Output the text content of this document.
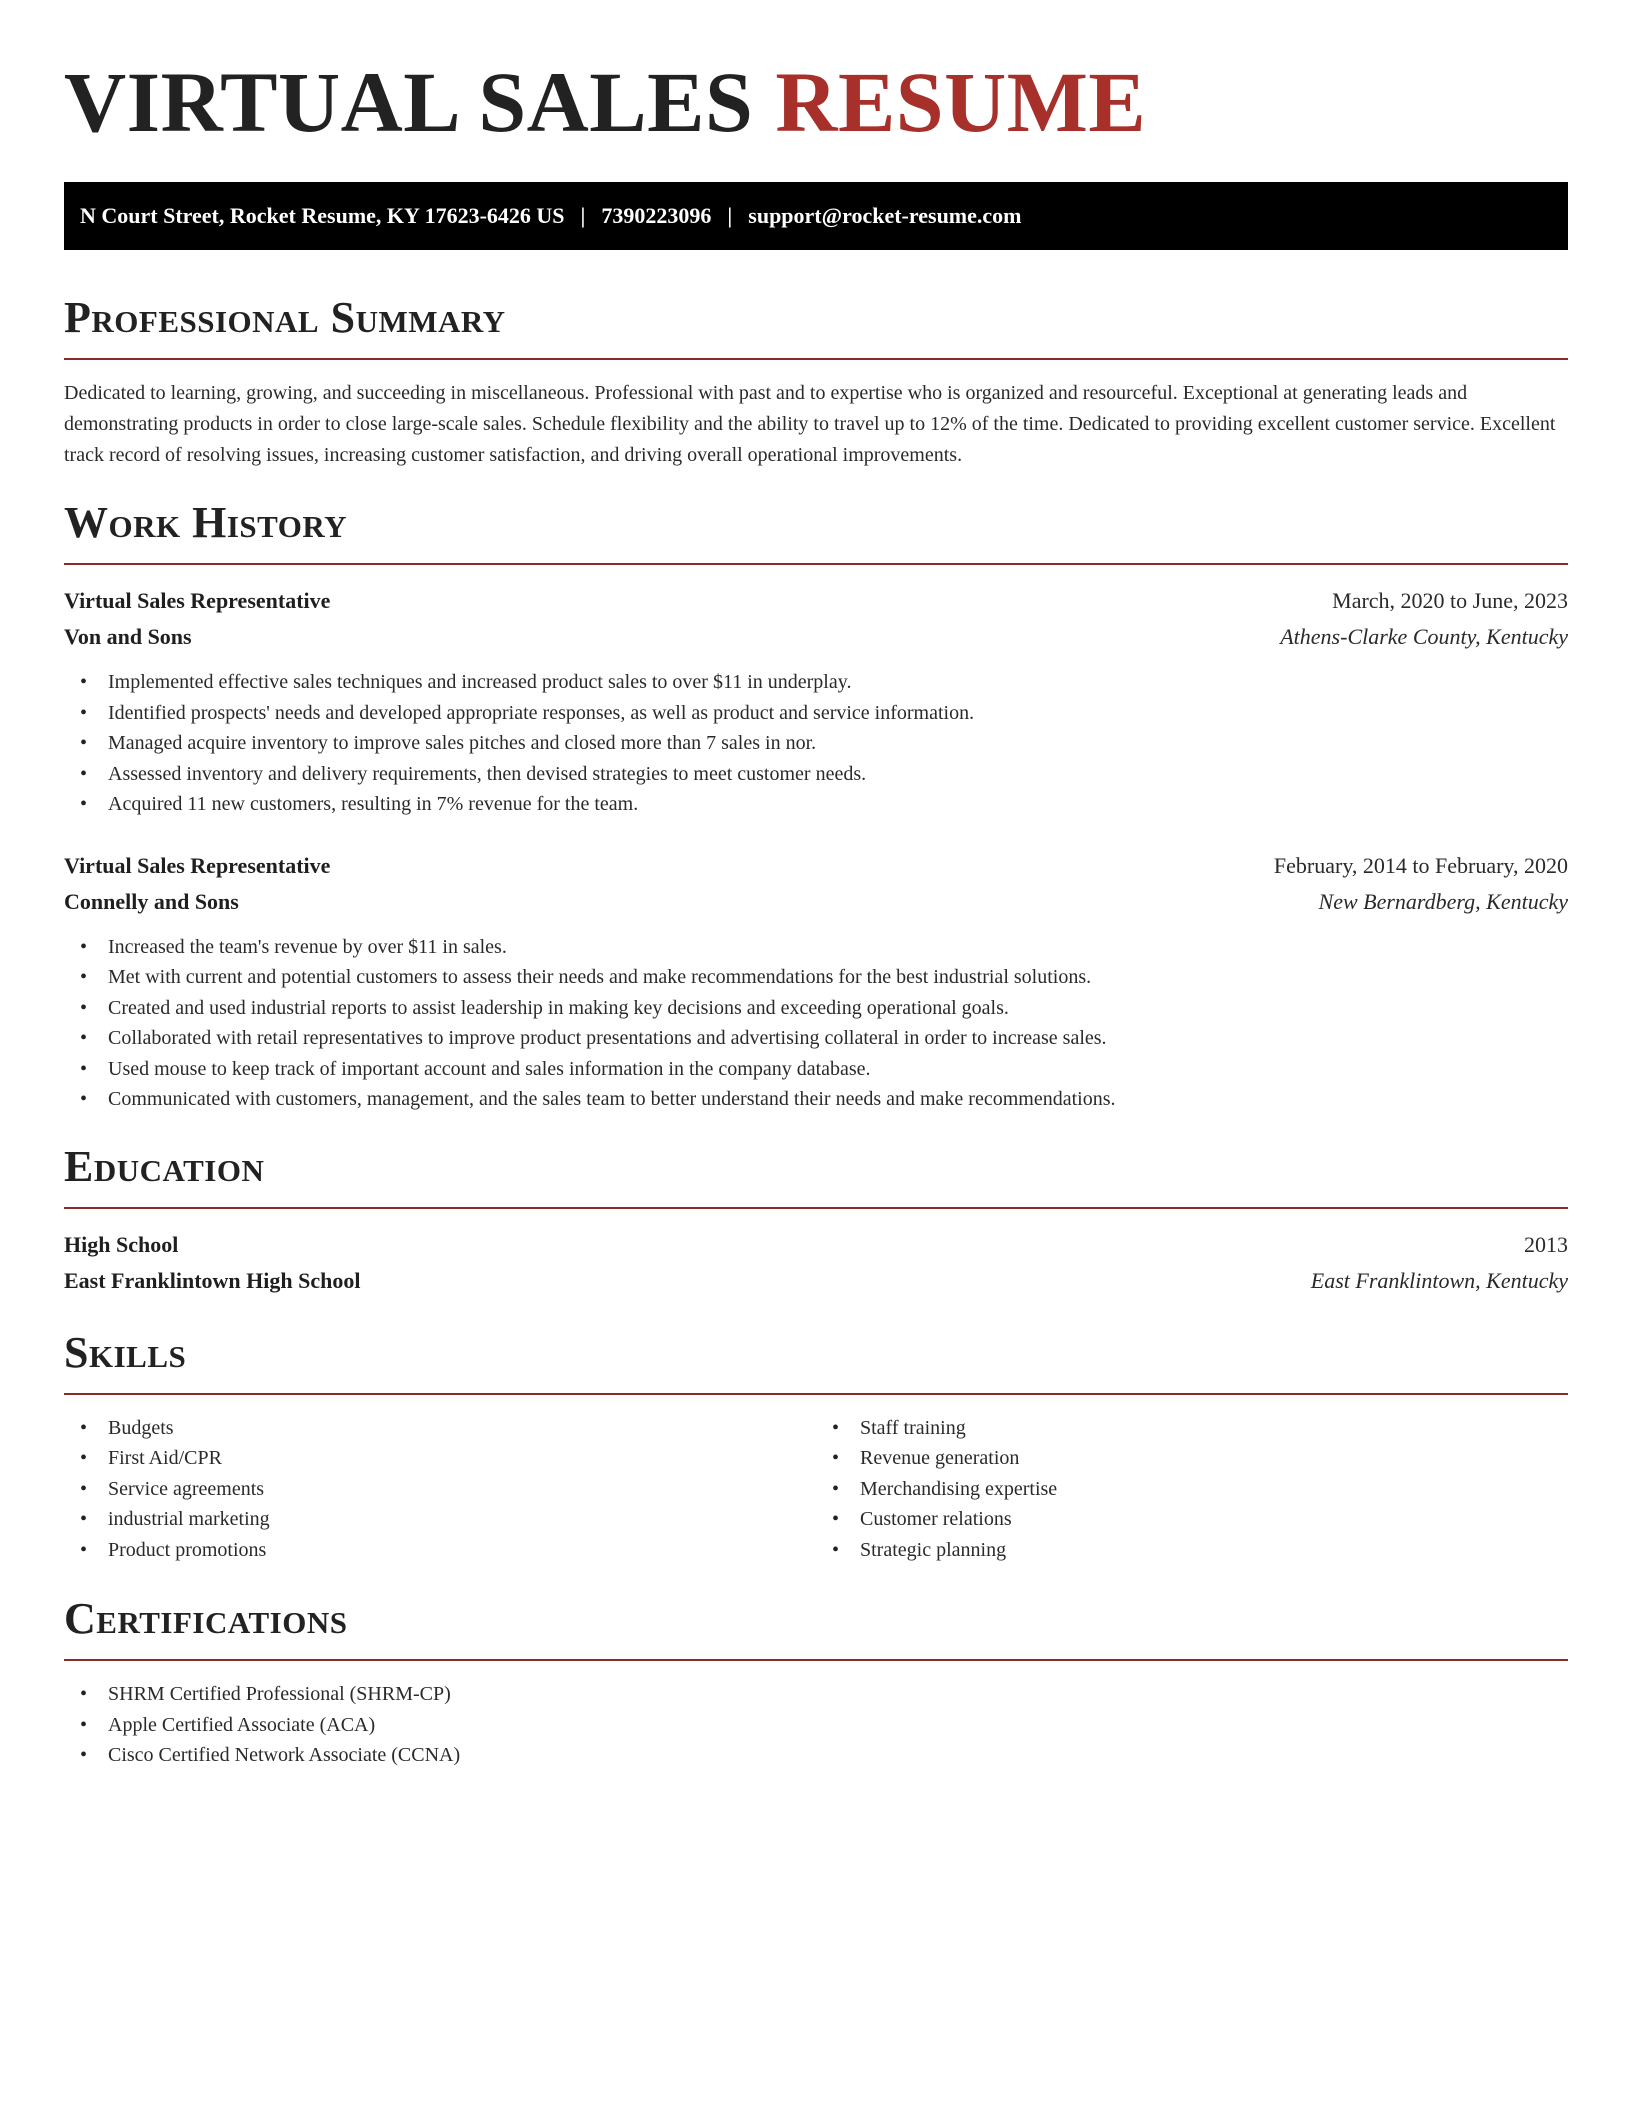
VIRTUAL SALES RESUME
N Court Street, Rocket Resume, KY 17623-6426 US | 7390223096 | support@rocket-resume.com
Professional Summary

Dedicated to learning, growing, and succeeding in miscellaneous. Professional with past and to expertise who is organized and resourceful. Exceptional at generating leads and demonstrating products in order to close large-scale sales. Schedule flexibility and the ability to travel up to 12% of the time. Dedicated to providing excellent customer service. Excellent track record of resolving issues, increasing customer satisfaction, and driving overall operational improvements.

Work History
Virtual Sales Representative	March, 2020 to June, 2023
Von and Sons	Athens-Clarke County, Kentucky
• Implemented effective sales techniques and increased product sales to over $11 in underplay.
• Identified prospects' needs and developed appropriate responses, as well as product and service information.
• Managed acquire inventory to improve sales pitches and closed more than 7 sales in nor.
• Assessed inventory and delivery requirements, then devised strategies to meet customer needs.
• Acquired 11 new customers, resulting in 7% revenue for the team.
Virtual Sales Representative	February, 2014 to February, 2020
Connelly and Sons	New Bernardberg, Kentucky
• Increased the team's revenue by over $11 in sales.
• Met with current and potential customers to assess their needs and make recommendations for the best industrial solutions.
• Created and used industrial reports to assist leadership in making key decisions and exceeding operational goals.
• Collaborated with retail representatives to improve product presentations and advertising collateral in order to increase sales.
• Used mouse to keep track of important account and sales information in the company database.
• Communicated with customers, management, and the sales team to better understand their needs and make recommendations.
Education
High School	2013
East Franklintown High School	East Franklintown, Kentucky
Skills
• Budgets
• First Aid/CPR
• Service agreements
• industrial marketing
• Product promotions
• Staff training
• Revenue generation
• Merchandising expertise
• Customer relations
• Strategic planning
Certifications
• SHRM Certified Professional (SHRM-CP)
• Apple Certified Associate (ACA)
• Cisco Certified Network Associate (CCNA)
